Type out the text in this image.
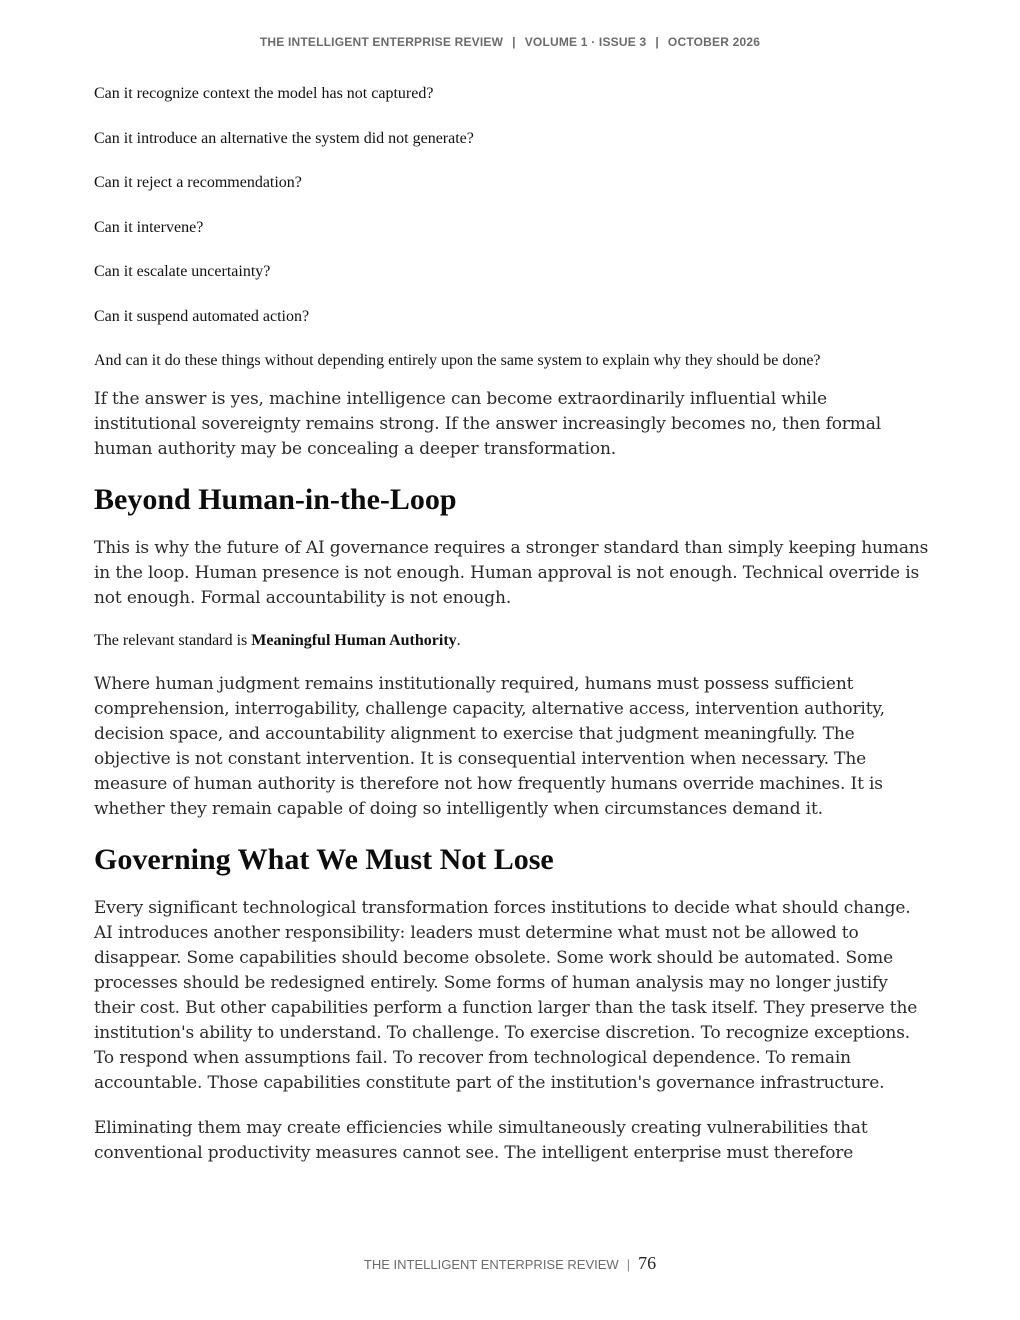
THE INTELLIGENT ENTERPRISE REVIEW | VOLUME 1 · ISSUE 3 | OCTOBER 2026

Can it recognize context the model has not captured?

Can it introduce an alternative the system did not generate?

Can it reject a recommendation?

Can it intervene?

Can it escalate uncertainty?

Can it suspend automated action?

And can it do these things without depending entirely upon the same system to explain why they should be done?

If the answer is yes, machine intelligence can become extraordinarily influential while institutional sovereignty remains strong. If the answer increasingly becomes no, then formal human authority may be concealing a deeper transformation.

Beyond Human-in-the-Loop

This is why the future of AI governance requires a stronger standard than simply keeping humans in the loop. Human presence is not enough. Human approval is not enough. Technical override is not enough. Formal accountability is not enough.

The relevant standard is Meaningful Human Authority.

Where human judgment remains institutionally required, humans must possess sufficient comprehension, interrogability, challenge capacity, alternative access, intervention authority, decision space, and accountability alignment to exercise that judgment meaningfully. The objective is not constant intervention. It is consequential intervention when necessary. The measure of human authority is therefore not how frequently humans override machines. It is whether they remain capable of doing so intelligently when circumstances demand it.

Governing What We Must Not Lose

Every significant technological transformation forces institutions to decide what should change. AI introduces another responsibility: leaders must determine what must not be allowed to disappear. Some capabilities should become obsolete. Some work should be automated. Some processes should be redesigned entirely. Some forms of human analysis may no longer justify their cost. But other capabilities perform a function larger than the task itself. They preserve the institution's ability to understand. To challenge. To exercise discretion. To recognize exceptions. To respond when assumptions fail. To recover from technological dependence. To remain accountable. Those capabilities constitute part of the institution's governance infrastructure.

Eliminating them may create efficiencies while simultaneously creating vulnerabilities that conventional productivity measures cannot see. The intelligent enterprise must therefore

THE INTELLIGENT ENTERPRISE REVIEW | 76
